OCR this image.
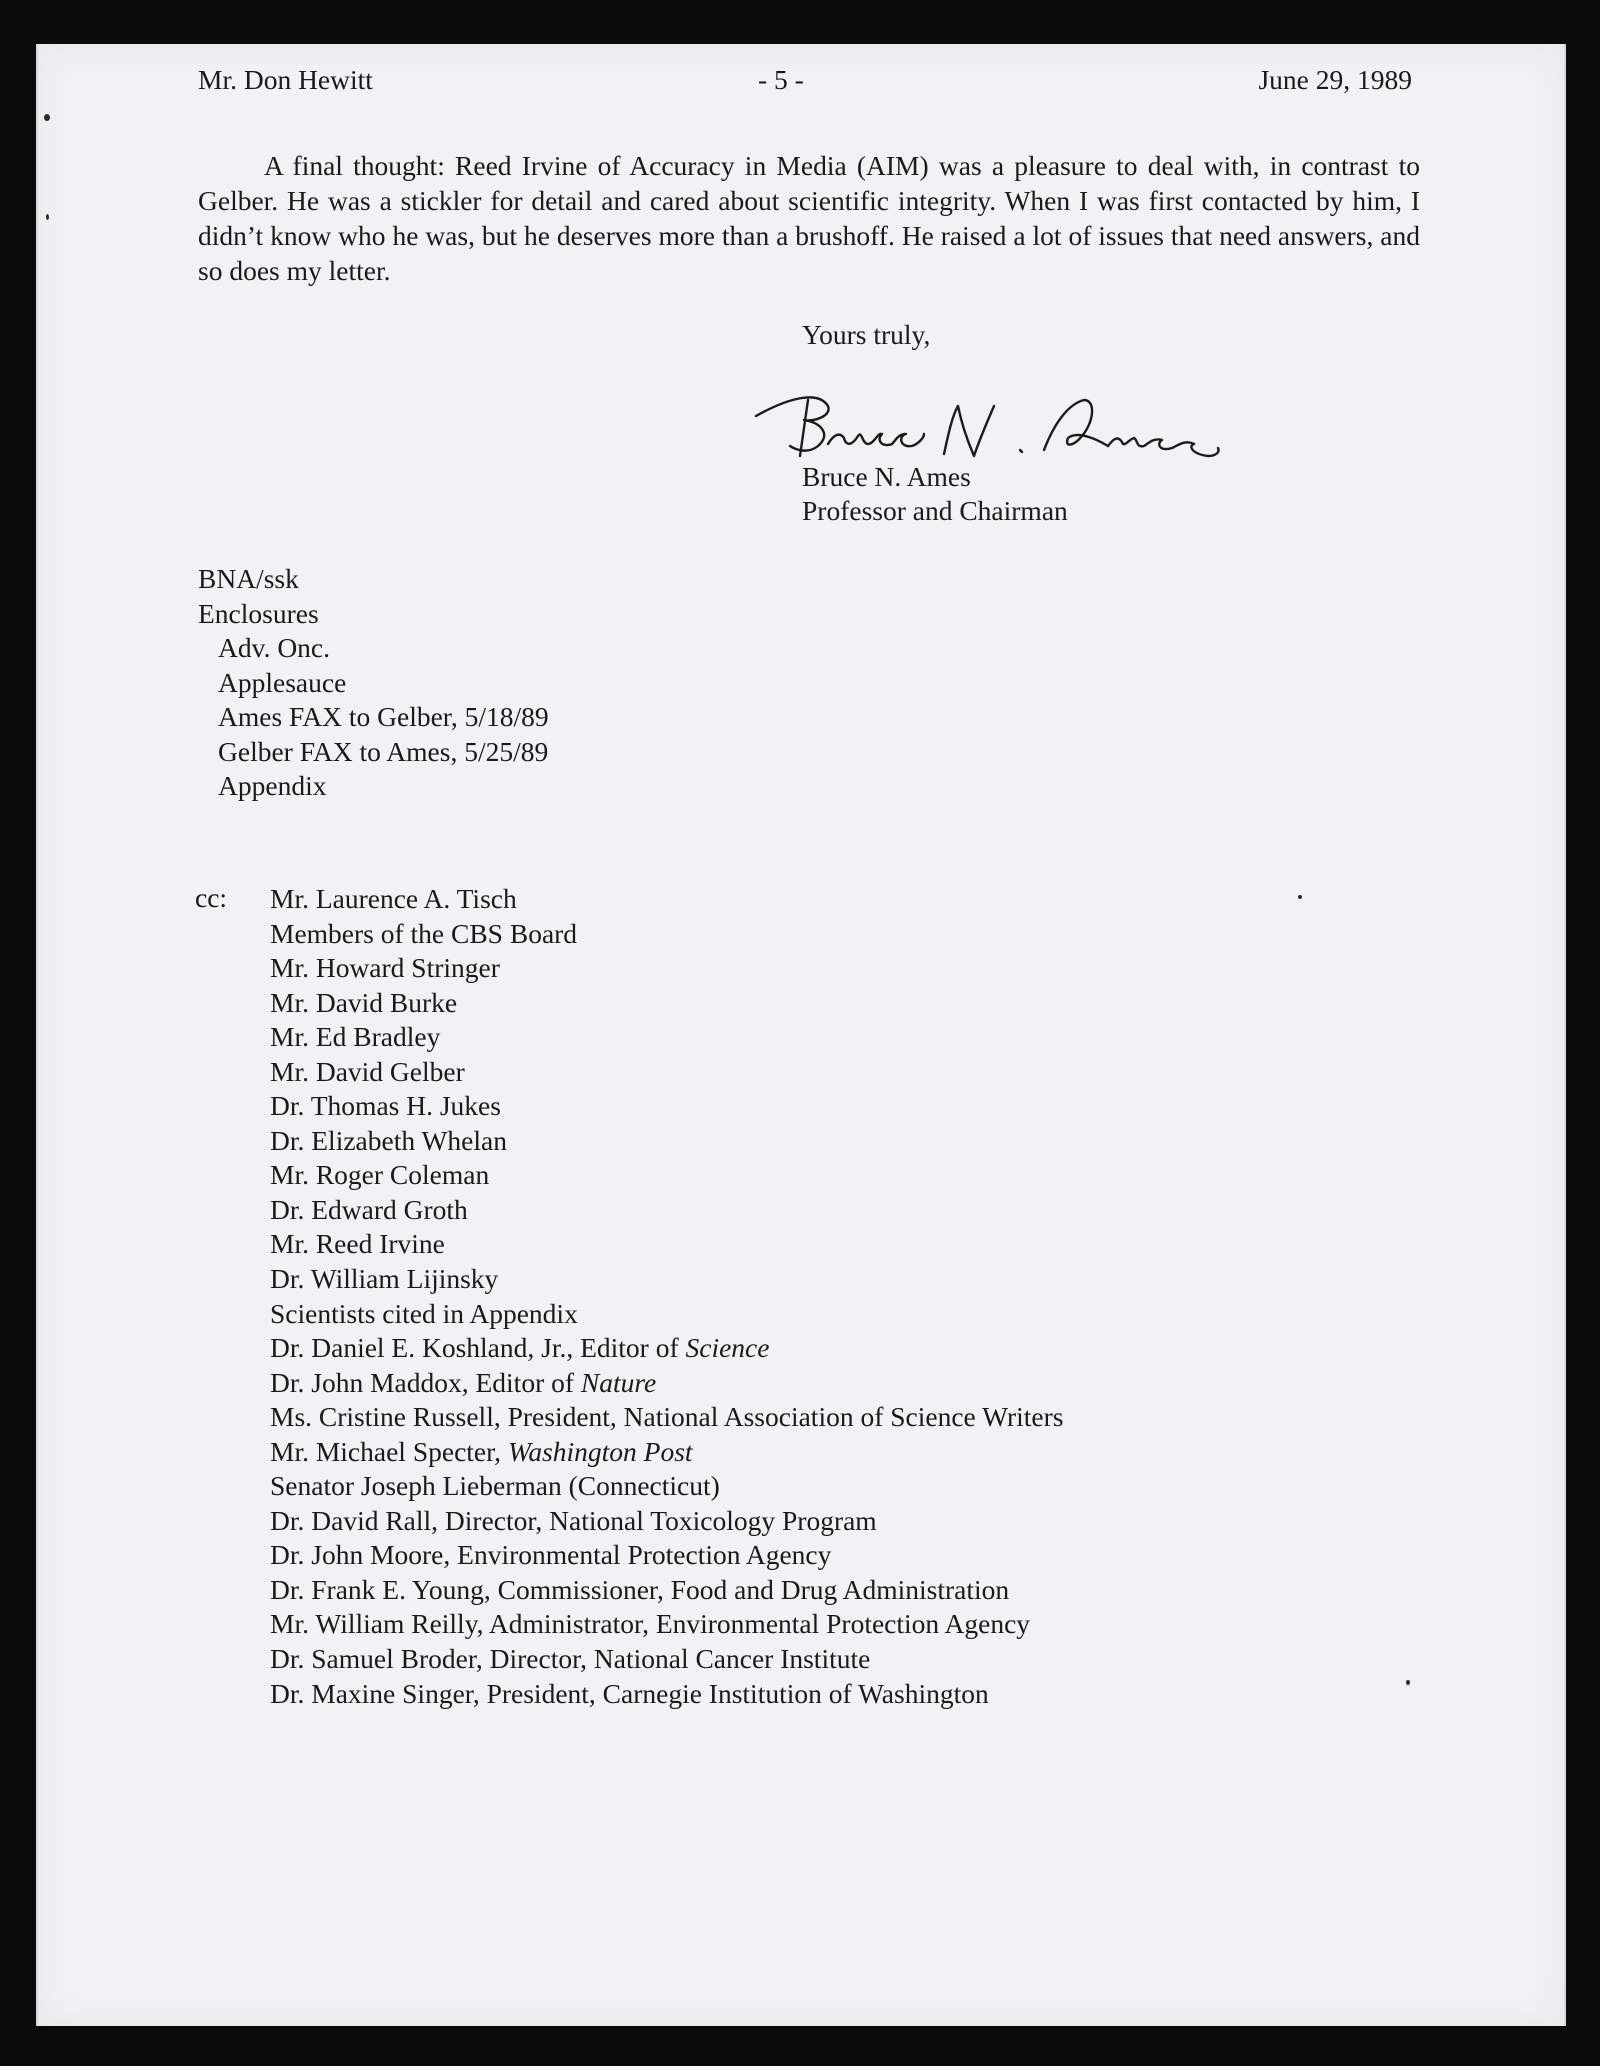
Mr. Don Hewitt	- 5 -	June 29, 1989

A final thought: Reed Irvine of Accuracy in Media (AIM) was a pleasure to deal with, in contrast to Gelber. He was a stickler for detail and cared about scientific integrity. When I was first contacted by him, I didn’t know who he was, but he deserves more than a brushoff. He raised a lot of issues that need answers, and so does my letter.

Yours truly,
Bruce N. Ames
Professor and Chairman
BNA/ssk
Enclosures
Adv. Onc.
Applesauce
Ames FAX to Gelber, 5/18/89
Gelber FAX to Ames, 5/25/89
Appendix
cc: Mr. Laurence A. Tisch
Members of the CBS Board
Mr. Howard Stringer
Mr. David Burke
Mr. Ed Bradley
Mr. David Gelber
Dr. Thomas H. Jukes
Dr. Elizabeth Whelan
Mr. Roger Coleman
Dr. Edward Groth
Mr. Reed Irvine
Dr. William Lijinsky
Scientists cited in Appendix
Dr. Daniel E. Koshland, Jr., Editor of Science
Dr. John Maddox, Editor of Nature
Ms. Cristine Russell, President, National Association of Science Writers
Mr. Michael Specter, Washington Post
Senator Joseph Lieberman (Connecticut)
Dr. David Rall, Director, National Toxicology Program
Dr. John Moore, Environmental Protection Agency
Dr. Frank E. Young, Commissioner, Food and Drug Administration
Mr. William Reilly, Administrator, Environmental Protection Agency
Dr. Samuel Broder, Director, National Cancer Institute
Dr. Maxine Singer, President, Carnegie Institution of Washington
